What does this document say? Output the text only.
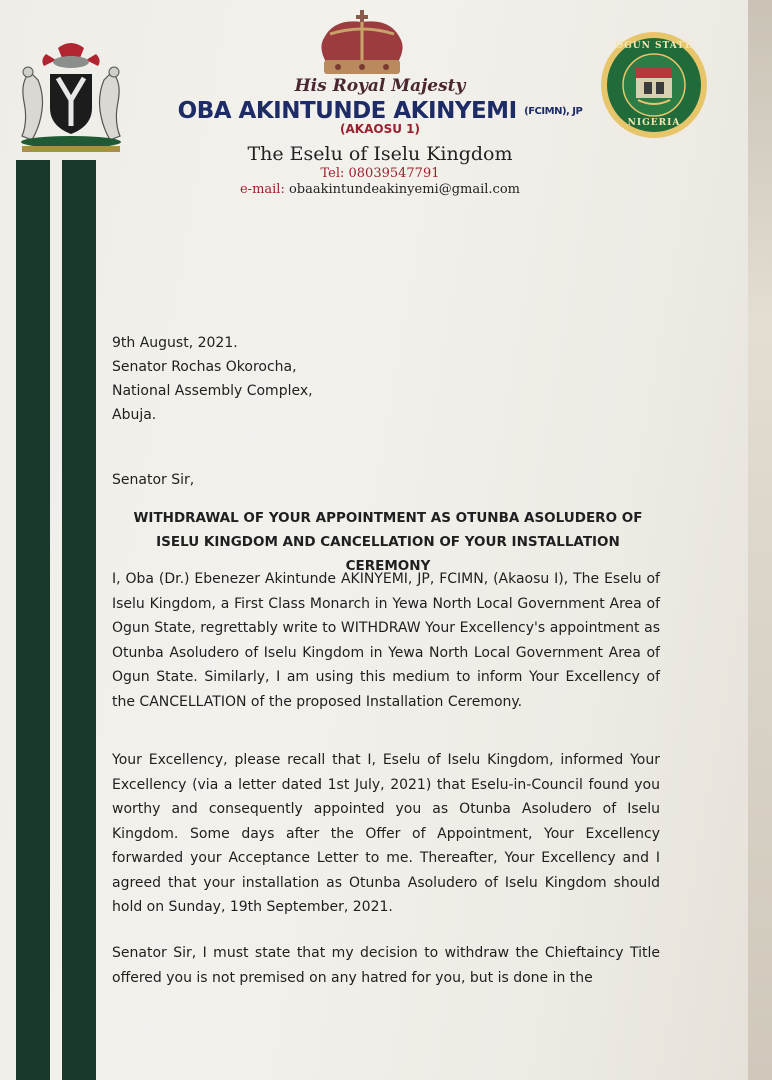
OGUN STATE
NIGERIA
His Royal Majesty
OBA AKINTUNDE AKINYEMI (FCIMN), JP
(AKAOSU 1)
The Eselu of Iselu Kingdom
Tel: 08039547791
e-mail: obaakintundeakinyemi@gmail.com
9th August, 2021.
Senator Rochas Okorocha,
National Assembly Complex,
Abuja.
Senator Sir,
WITHDRAWAL OF YOUR APPOINTMENT AS OTUNBA ASOLUDERO OF
ISELU KINGDOM AND CANCELLATION OF YOUR INSTALLATION CEREMONY
I, Oba (Dr.) Ebenezer Akintunde AKINYEMI, JP, FCIMN, (Akaosu I), The Eselu of Iselu Kingdom, a First Class Monarch in Yewa North Local Government Area of Ogun State, regrettably write to WITHDRAW Your Excellency's appointment as Otunba Asoludero of Iselu Kingdom in Yewa North Local Government Area of Ogun State. Similarly, I am using this medium to inform Your Excellency of the CANCELLATION of the proposed Installation Ceremony.
Your Excellency, please recall that I, Eselu of Iselu Kingdom, informed Your Excellency (via a letter dated 1st July, 2021) that Eselu-in-Council found you worthy and consequently appointed you as Otunba Asoludero of Iselu Kingdom. Some days after the Offer of Appointment, Your Excellency forwarded your Acceptance Letter to me. Thereafter, Your Excellency and I agreed that your installation as Otunba Asoludero of Iselu Kingdom should hold on Sunday, 19th September, 2021.
Senator Sir, I must state that my decision to withdraw the Chieftaincy Title offered you is not premised on any hatred for you, but is done in the
